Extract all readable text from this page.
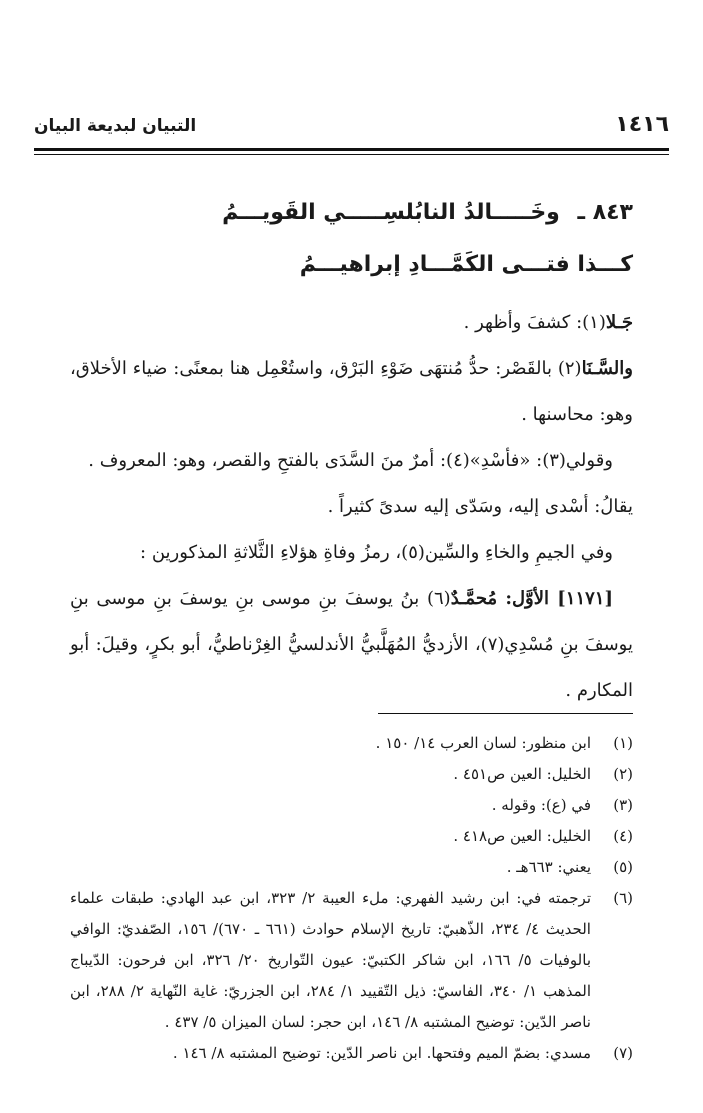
١٤١٦
التبيان لبديعة البيان
٨٤٣ ـ وخَـــــالدُ النابُلسِـــــي القَويـــمُ
كـــذا فتـــى الكَمَّـــادِ إبراهيـــمُ

جَـلا(١): كشفَ وأظهر .

والسَّـنَا(٢) بالقَصْر: حدُّ مُنتهَى ضَوْءِ البَرْق، واستُعْمِل هنا بمعنًى: ضياء الأخلاق، وهو: محاسنها .

وقولي(٣): «فأسْدِ»(٤): أمرٌ منَ السَّدَى بالفتحِ والقصر، وهو: المعروف .

يقالُ: أسْدى إليه، وسَدّى إليه سدىً كثيراً .

وفي الجيمِ والخاءِ والسِّين(٥)، رمزُ وفاةِ هؤلاءِ الثَّلاثةِ المذكورين :

[١١٧١] الأوَّل: مُحمَّـدٌ(٦) بنُ يوسفَ بنِ موسى بنِ يوسفَ بنِ موسى بنِ يوسفَ بنِ مُسْدِي(٧)، الأزديُّ المُهَلَّبيُّ الأندلسيُّ الغِرْناطيُّ، أبو بكرٍ، وقيلَ: أبو المكارم .

(١)
ابن منظور: لسان العرب ١٤/ ١٥٠ .
(٢)
الخليل: العين ص٤٥١ .
(٣)
في (ع): وقوله .
(٤)
الخليل: العين ص٤١٨ .
(٥)
يعني: ٦٦٣هـ .
(٦)
ترجمته في: ابن رشيد الفهري: ملء العيبة ٢/ ٣٢٣، ابن عبد الهادي: طبقات علماء الحديث ٤/ ٢٣٤، الذّهبيّ: تاريخ الإسلام حوادث (٦٦١ ـ ٦٧٠)/ ١٥٦، الصّفديّ: الوافي بالوفيات ٥/ ١٦٦، ابن شاكر الكتبيّ: عيون التّواريخ ٢٠/ ٣٢٦، ابن فرحون: الدّيباج المذهب ١/ ٣٤٠، الفاسيّ: ذيل التّقييد ١/ ٢٨٤، ابن الجزريّ: غاية النّهاية ٢/ ٢٨٨، ابن ناصر الدّين: توضيح المشتبه ٨/ ١٤٦، ابن حجر: لسان الميزان ٥/ ٤٣٧ .
(٧)
مسدي: بضمّ الميم وفتحها. ابن ناصر الدّين: توضيح المشتبه ٨/ ١٤٦ .
